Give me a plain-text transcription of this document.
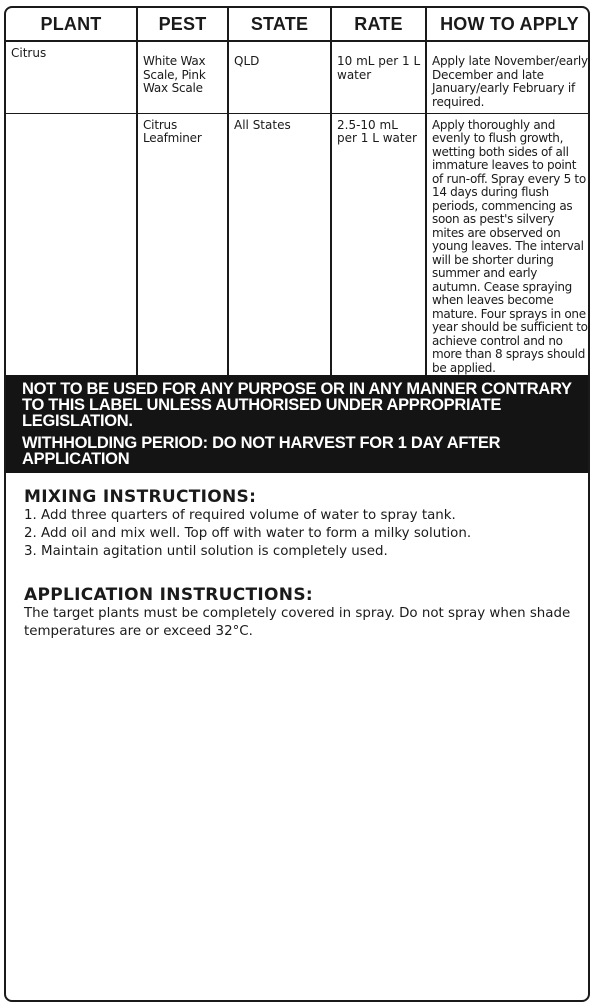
PLANT	PEST	STATE	RATE	HOW TO APPLY
Citrus	White Wax Scale, Pink Wax Scale	QLD	10 mL per 1 L water	Apply late November/early December and late January/early February if required.
	Citrus Leafminer	All States	2.5-10 mL per 1 L water	Apply thoroughly and evenly to flush growth, wetting both sides of all immature leaves to point of run-off. Spray every 5 to 14 days during flush periods, commencing as soon as pest's silvery mites are observed on young leaves. The interval will be shorter during summer and early autumn. Cease spraying when leaves become mature. Four sprays in one year should be sufficient to achieve control and no more than 8 sprays should be applied.
NOT TO BE USED FOR ANY PURPOSE OR IN ANY MANNER CONTRARY
TO THIS LABEL UNLESS AUTHORISED UNDER APPROPRIATE LEGISLATION.
WITHHOLDING PERIOD: DO NOT HARVEST FOR 1 DAY AFTER APPLICATION
MIXING INSTRUCTIONS:
1. Add three quarters of required volume of water to spray tank.
2. Add oil and mix well. Top off with water to form a milky solution.
3. Maintain agitation until solution is completely used.
APPLICATION INSTRUCTIONS:

The target plants must be completely covered in spray. Do not spray when shade temperatures are or exceed 32°C.
